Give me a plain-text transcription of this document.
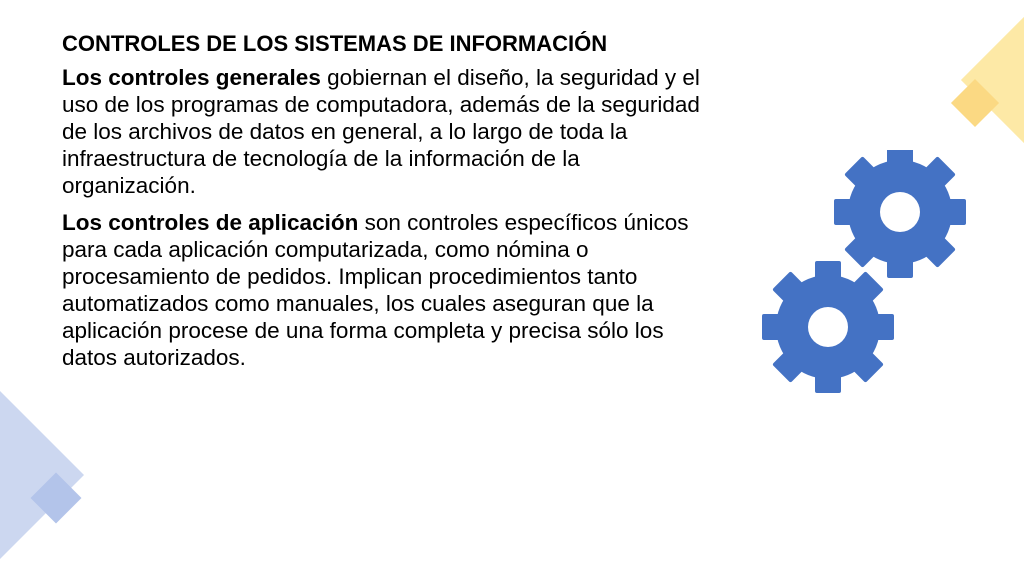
CONTROLES DE LOS SISTEMAS DE INFORMACIÓN

Los controles generales gobiernan el diseño, la seguridad y el uso de los programas de computadora, además de la seguridad de los archivos de datos en general, a lo largo de toda la infraestructura de tecnología de la información de la organización.

Los controles de aplicación son controles específicos únicos para cada aplicación computarizada, como nómina o procesamiento de pedidos. Implican procedimientos tanto automatizados como manuales, los cuales aseguran que la aplicación procese de una forma completa y precisa sólo los datos autorizados.
